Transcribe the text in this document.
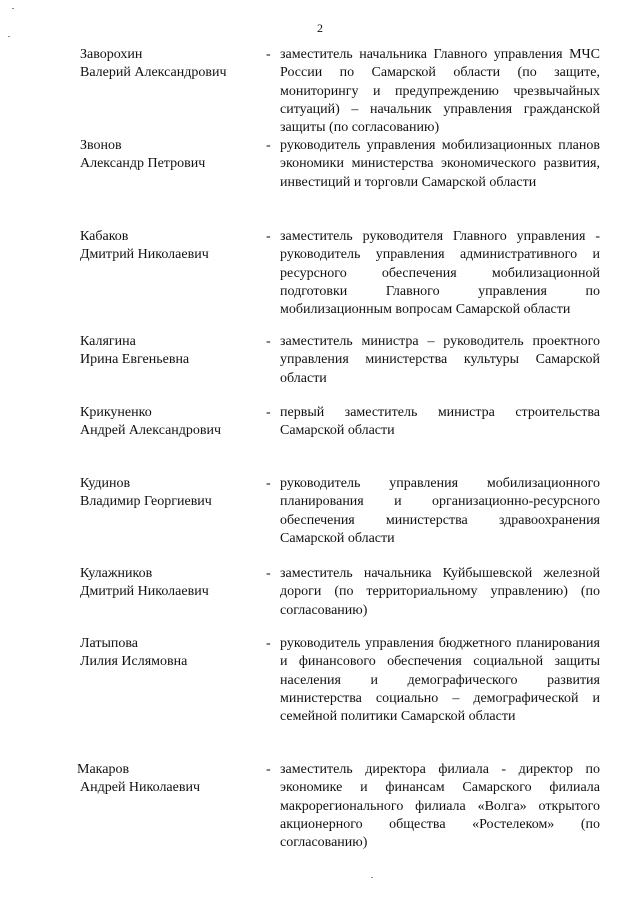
2
Заворохин
Валерий Александрович
- заместитель начальника Главного управления МЧС России по Самарской области (по защите, мониторингу и предупреждению чрезвычайных ситуаций) – начальник управления гражданской защиты (по согласованию)
Звонов
Александр Петрович
- руководитель управления мобилизационных планов экономики министерства экономического развития, инвестиций и торговли Самарской области
Кабаков
Дмитрий Николаевич
- заместитель руководителя Главного управления - руководитель управления административного и ресурсного обеспечения мобилизационной подготовки Главного управления по мобилизационным вопросам Самарской области
Калягина
Ирина Евгеньевна
- заместитель министра – руководитель проектного управления министерства культуры Самарской области
Крикуненко
Андрей Александрович
- первый заместитель министра строительства Самарской области
Кудинов
Владимир Георгиевич
- руководитель управления мобилизационного планирования и организационно-ресурсного обеспечения министерства здравоохранения Самарской области
Кулажников
Дмитрий Николаевич
- заместитель начальника Куйбышевской железной дороги (по территориальному управлению) (по согласованию)
Латыпова
Лилия Ислямовна
- руководитель управления бюджетного планирования и финансового обеспечения социальной защиты населения и демографического развития министерства социально – демографической и семейной политики Самарской области
Макаров
Андрей Николаевич
- заместитель директора филиала - директор по экономике и финансам Самарского филиала макрорегионального филиала «Волга» открытого акционерного общества «Ростелеком» (по согласованию)
